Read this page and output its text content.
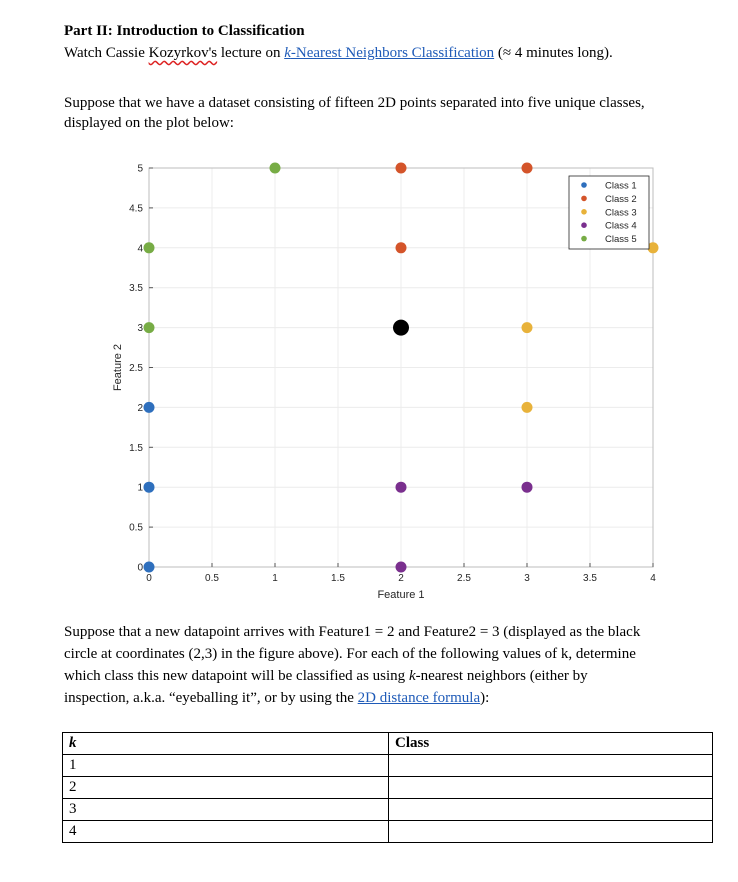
Part II: Introduction to Classification
Watch Cassie Kozyrkov's lecture on k-Nearest Neighbors Classification (≈ 4 minutes long).
Suppose that we have a dataset consisting of fifteen 2D points separated into five unique classes,
displayed on the plot below:
0	0.5	1	1.5	2	2.5	3	3.5	4
0
0.5
1
1.5
2
2.5
3
3.5
4
4.5
5
Class 1
Class 2
Class 3
Class 4
Class 5
Feature 1
Feature 2
Suppose that a new datapoint arrives with Feature1 = 2 and Feature2 = 3 (displayed as the black
circle at coordinates (2,3) in the figure above). For each of the following values of k, determine
which class this new datapoint will be classified as using k-nearest neighbors (either by
inspection, a.k.a. “eyeballing it”, or by using the 2D distance formula):
k	Class
1	
2	
3	
4	
